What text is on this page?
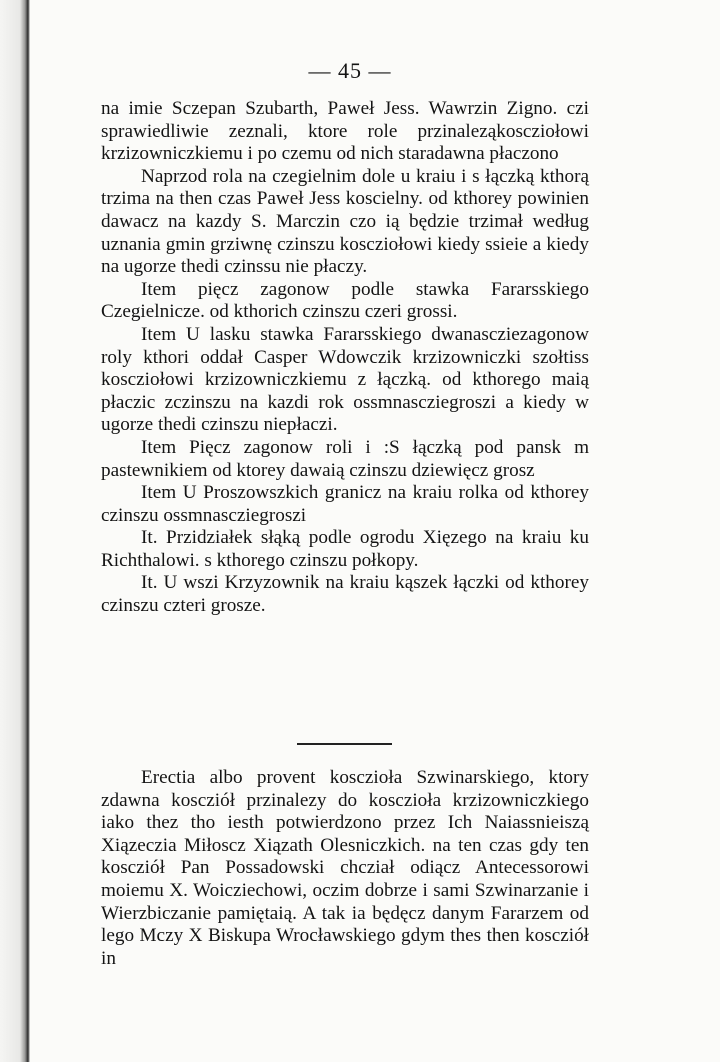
— 45 —

na imie Sczepan Szubarth, Paweł Jess. Wawrzin Zigno. czi sprawiedliwie zeznali, ktore role przinaleząkoscziołowi krzizowniczkiemu i po czemu od nich staradawna płaczono

Naprzod rola na czegielnim dole u kraiu i s łączką kthorą trzima na then czas Paweł Jess koscielny. od kthorey powinien dawacz na kazdy S. Marczin czo ią będzie trzimał według uznania gmin grziwnę czinszu koscziołowi kiedy ssieie a kiedy na ugorze thedi czinssu nie płaczy.

Item pięcz zagonow podle stawka Fararsskiego Czegielnicze. od kthorich czinszu czeri grossi.

Item U lasku stawka Fararsskiego dwanascziezagonow roly kthori oddał Casper Wdowczik krzizowniczki szołtiss koscziołowi krzizowniczkiemu z łączką. od kthorego maią płaczic zczinszu na kazdi rok ossmnascziegroszi a kiedy w ugorze thedi czinszu niepłaczi.

Item Pięcz zagonow roli i :S łączką pod pansk m pastewnikiem od ktorey dawaią czinszu dziewięcz grosz

Item U Proszowszkich granicz na kraiu rolka od kthorey czinszu ossmnascziegroszi

It. Przidziałek słąką podle ogrodu Xięzego na kraiu ku Richthalowi. s kthorego czinszu połkopy.

It. U wszi Krzyzownik na kraiu kąszek łączki od kthorey czinszu czteri grosze.

Erectia albo provent kosczioła Szwinarskiego, ktory zdawna koscziół przinalezy do kosczioła krzizowniczkiego iako thez tho iesth potwierdzono przez Ich Naiassnieiszą Xiązeczia Miłoscz Xiązath Olesniczkich. na ten czas gdy ten koscziół Pan Possadowski chcział odiącz Antecessorowi moiemu X. Woicziechowi, oczim dobrze i sami Szwinarzanie i Wierzbiczanie pamiętaią. A tak ia będęcz danym Fararzem od lego Mczy X Biskupa Wrocławskiego gdym thes then koscziół in
